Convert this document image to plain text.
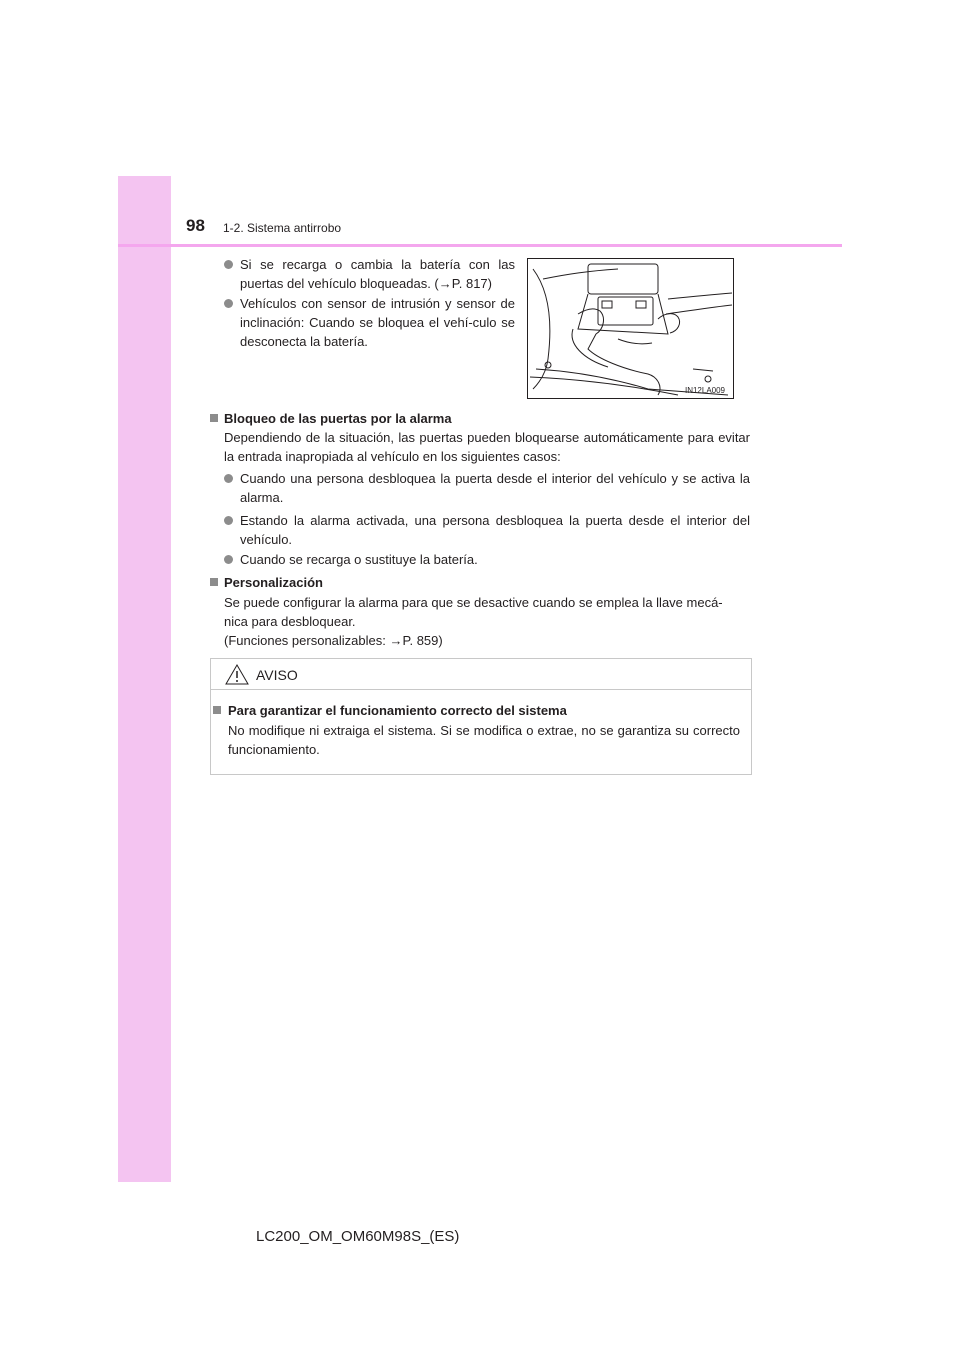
98 1-2. Sistema antirrobo
Si se recarga o cambia la batería con las puertas del vehículo bloqueadas. (→P. 817)
Vehículos con sensor de intrusión y sensor de inclinación: Cuando se bloquea el vehí-culo se desconecta la batería.
IN12LA009
Bloqueo de las puertas por la alarma
Dependiendo de la situación, las puertas pueden bloquearse automáticamente para evitar la entrada inapropiada al vehículo en los siguientes casos:
Cuando una persona desbloquea la puerta desde el interior del vehículo y se activa la alarma.
Estando la alarma activada, una persona desbloquea la puerta desde el interior del vehículo.
Cuando se recarga o sustituye la batería.
Personalización
Se puede configurar la alarma para que se desactive cuando se emplea la llave mecá-
nica para desbloquear.
(Funciones personalizables: →P. 859)
AVISO
Para garantizar el funcionamiento correcto del sistema
No modifique ni extraiga el sistema. Si se modifica o extrae, no se garantiza su correcto funcionamiento.
LC200_OM_OM60M98S_(ES)
